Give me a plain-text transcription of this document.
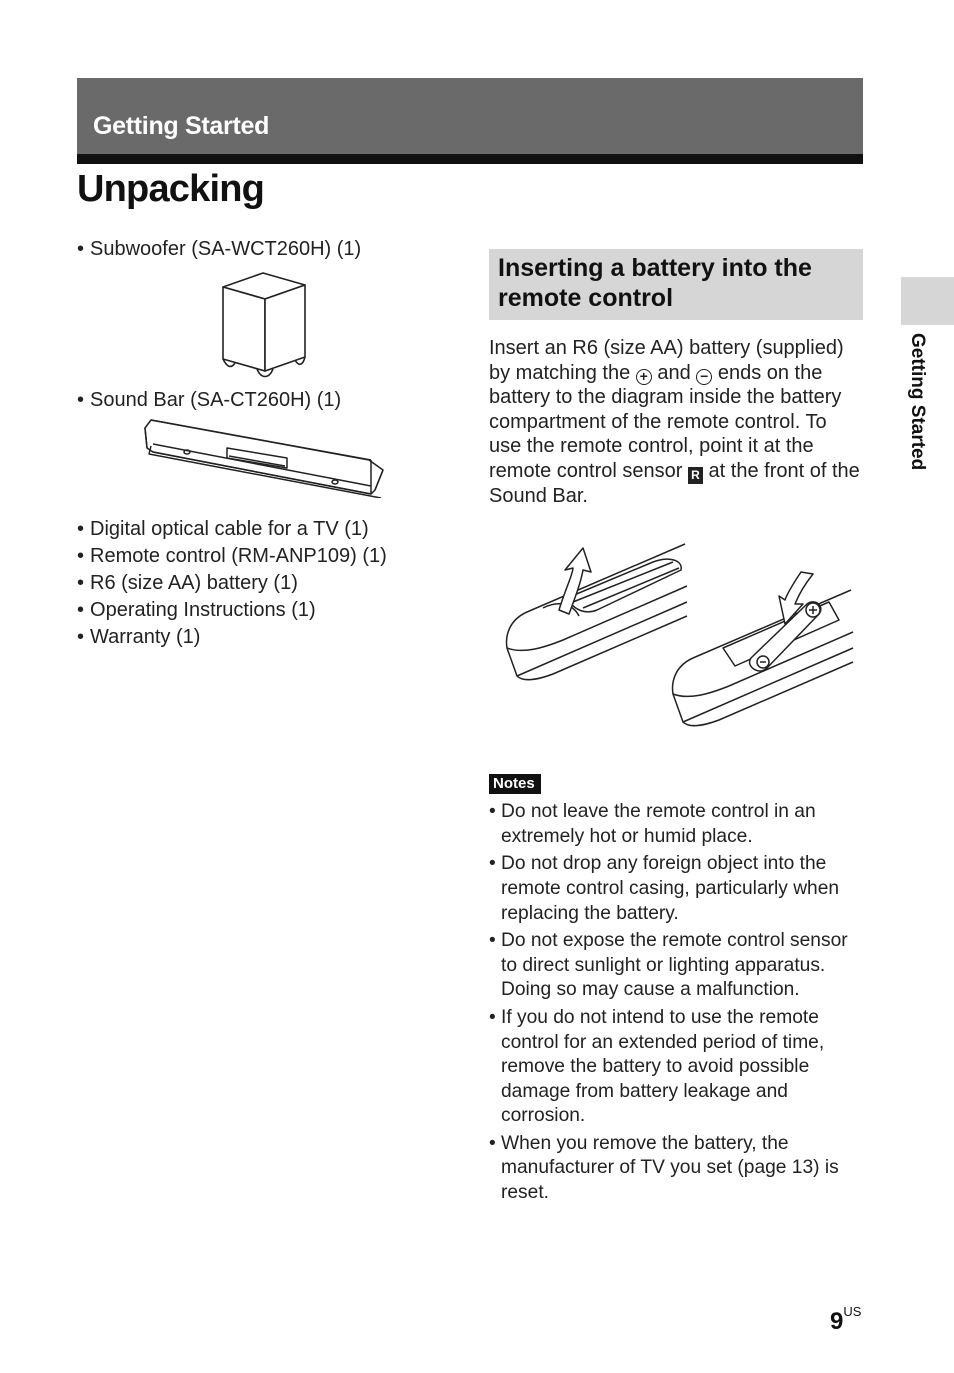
Getting Started
Unpacking
• Subwoofer (SA-WCT260H) (1)
• Sound Bar (SA-CT260H) (1)
• Digital optical cable for a TV (1)
• Remote control (RM-ANP109) (1)
• R6 (size AA) battery (1)
• Operating Instructions (1)
• Warranty (1)
Inserting a battery into the remote control
Insert an R6 (size AA) battery (supplied) by matching the + and − ends on the battery to the diagram inside the battery compartment of the remote control. To use the remote control, point it at the remote control sensor R at the front of the Sound Bar.
Notes
• Do not leave the remote control in an extremely hot or humid place.
• Do not drop any foreign object into the remote control casing, particularly when replacing the battery.
• Do not expose the remote control sensor to direct sunlight or lighting apparatus. Doing so may cause a malfunction.
• If you do not intend to use the remote control for an extended period of time, remove the battery to avoid possible damage from battery leakage and corrosion.
• When you remove the battery, the manufacturer of TV you set (page 13) is reset.
Getting Started
$9^{US}$
